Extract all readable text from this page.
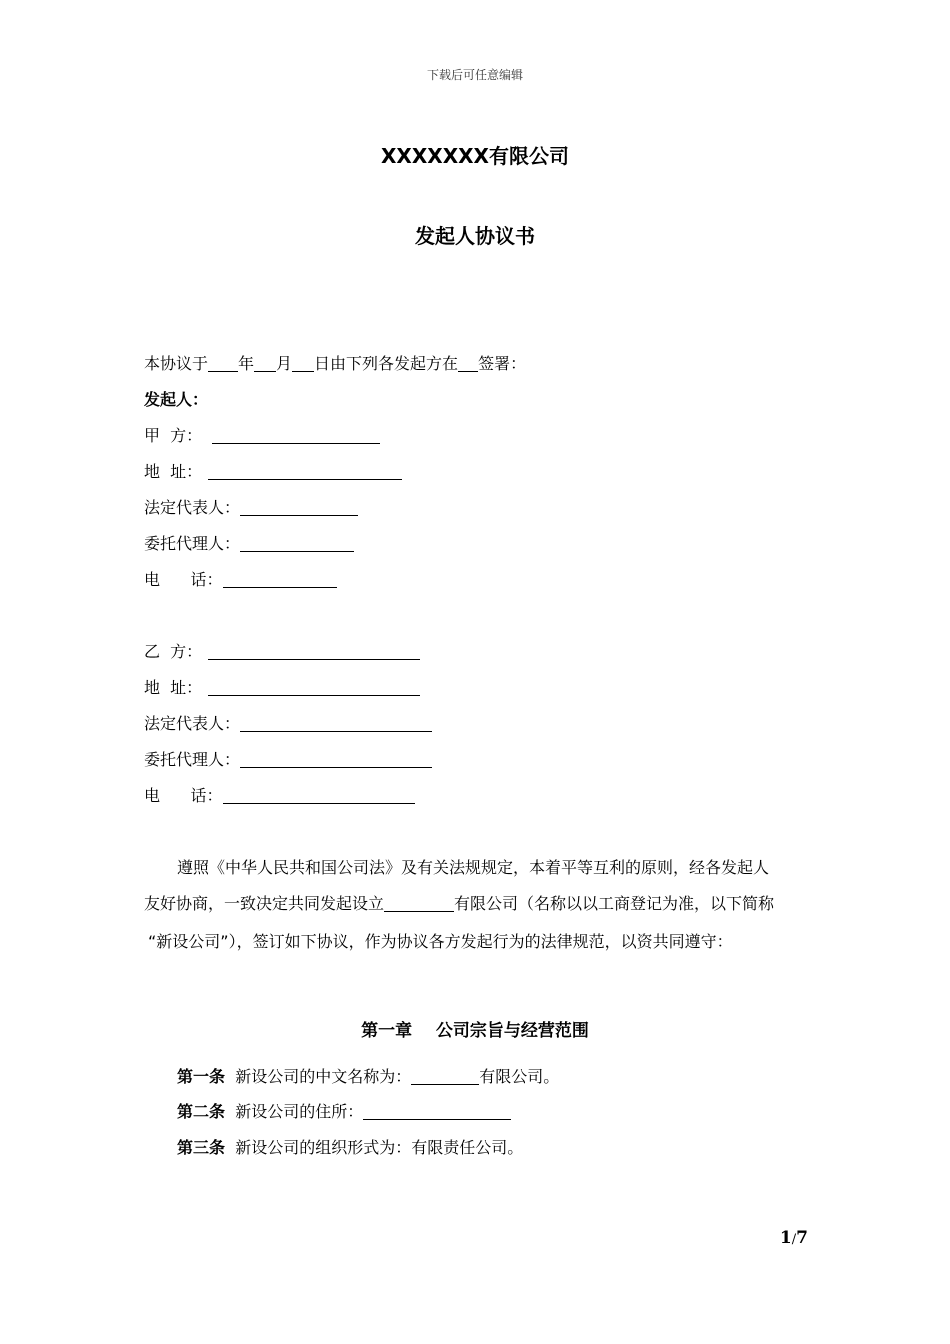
下载后可任意编辑
XXXXXXX有限公司
发起人协议书
本协议于 年 月 日由下列各发起方在 签署：
发起人：
甲  方：
地  址：
法定代表人：
委托代理人：
电      话：
乙  方：
地  址：
法定代表人：
委托代理人：
电      话：
遵照《中华人民共和国公司法》及有关法规规定，本着平等互利的原则，经各发起人
友好协商，一致决定共同发起设立	有限公司（名称以以工商登记为准，以下简称
“新设公司”），签订如下协议，作为协议各方发起行为的法律规范，以资共同遵守：
第一章    公司宗旨与经营范围
第一条 新设公司的中文名称为：	有限公司。
第二条 新设公司的住所：
第三条 新设公司的组织形式为：有限责任公司。
1/7
